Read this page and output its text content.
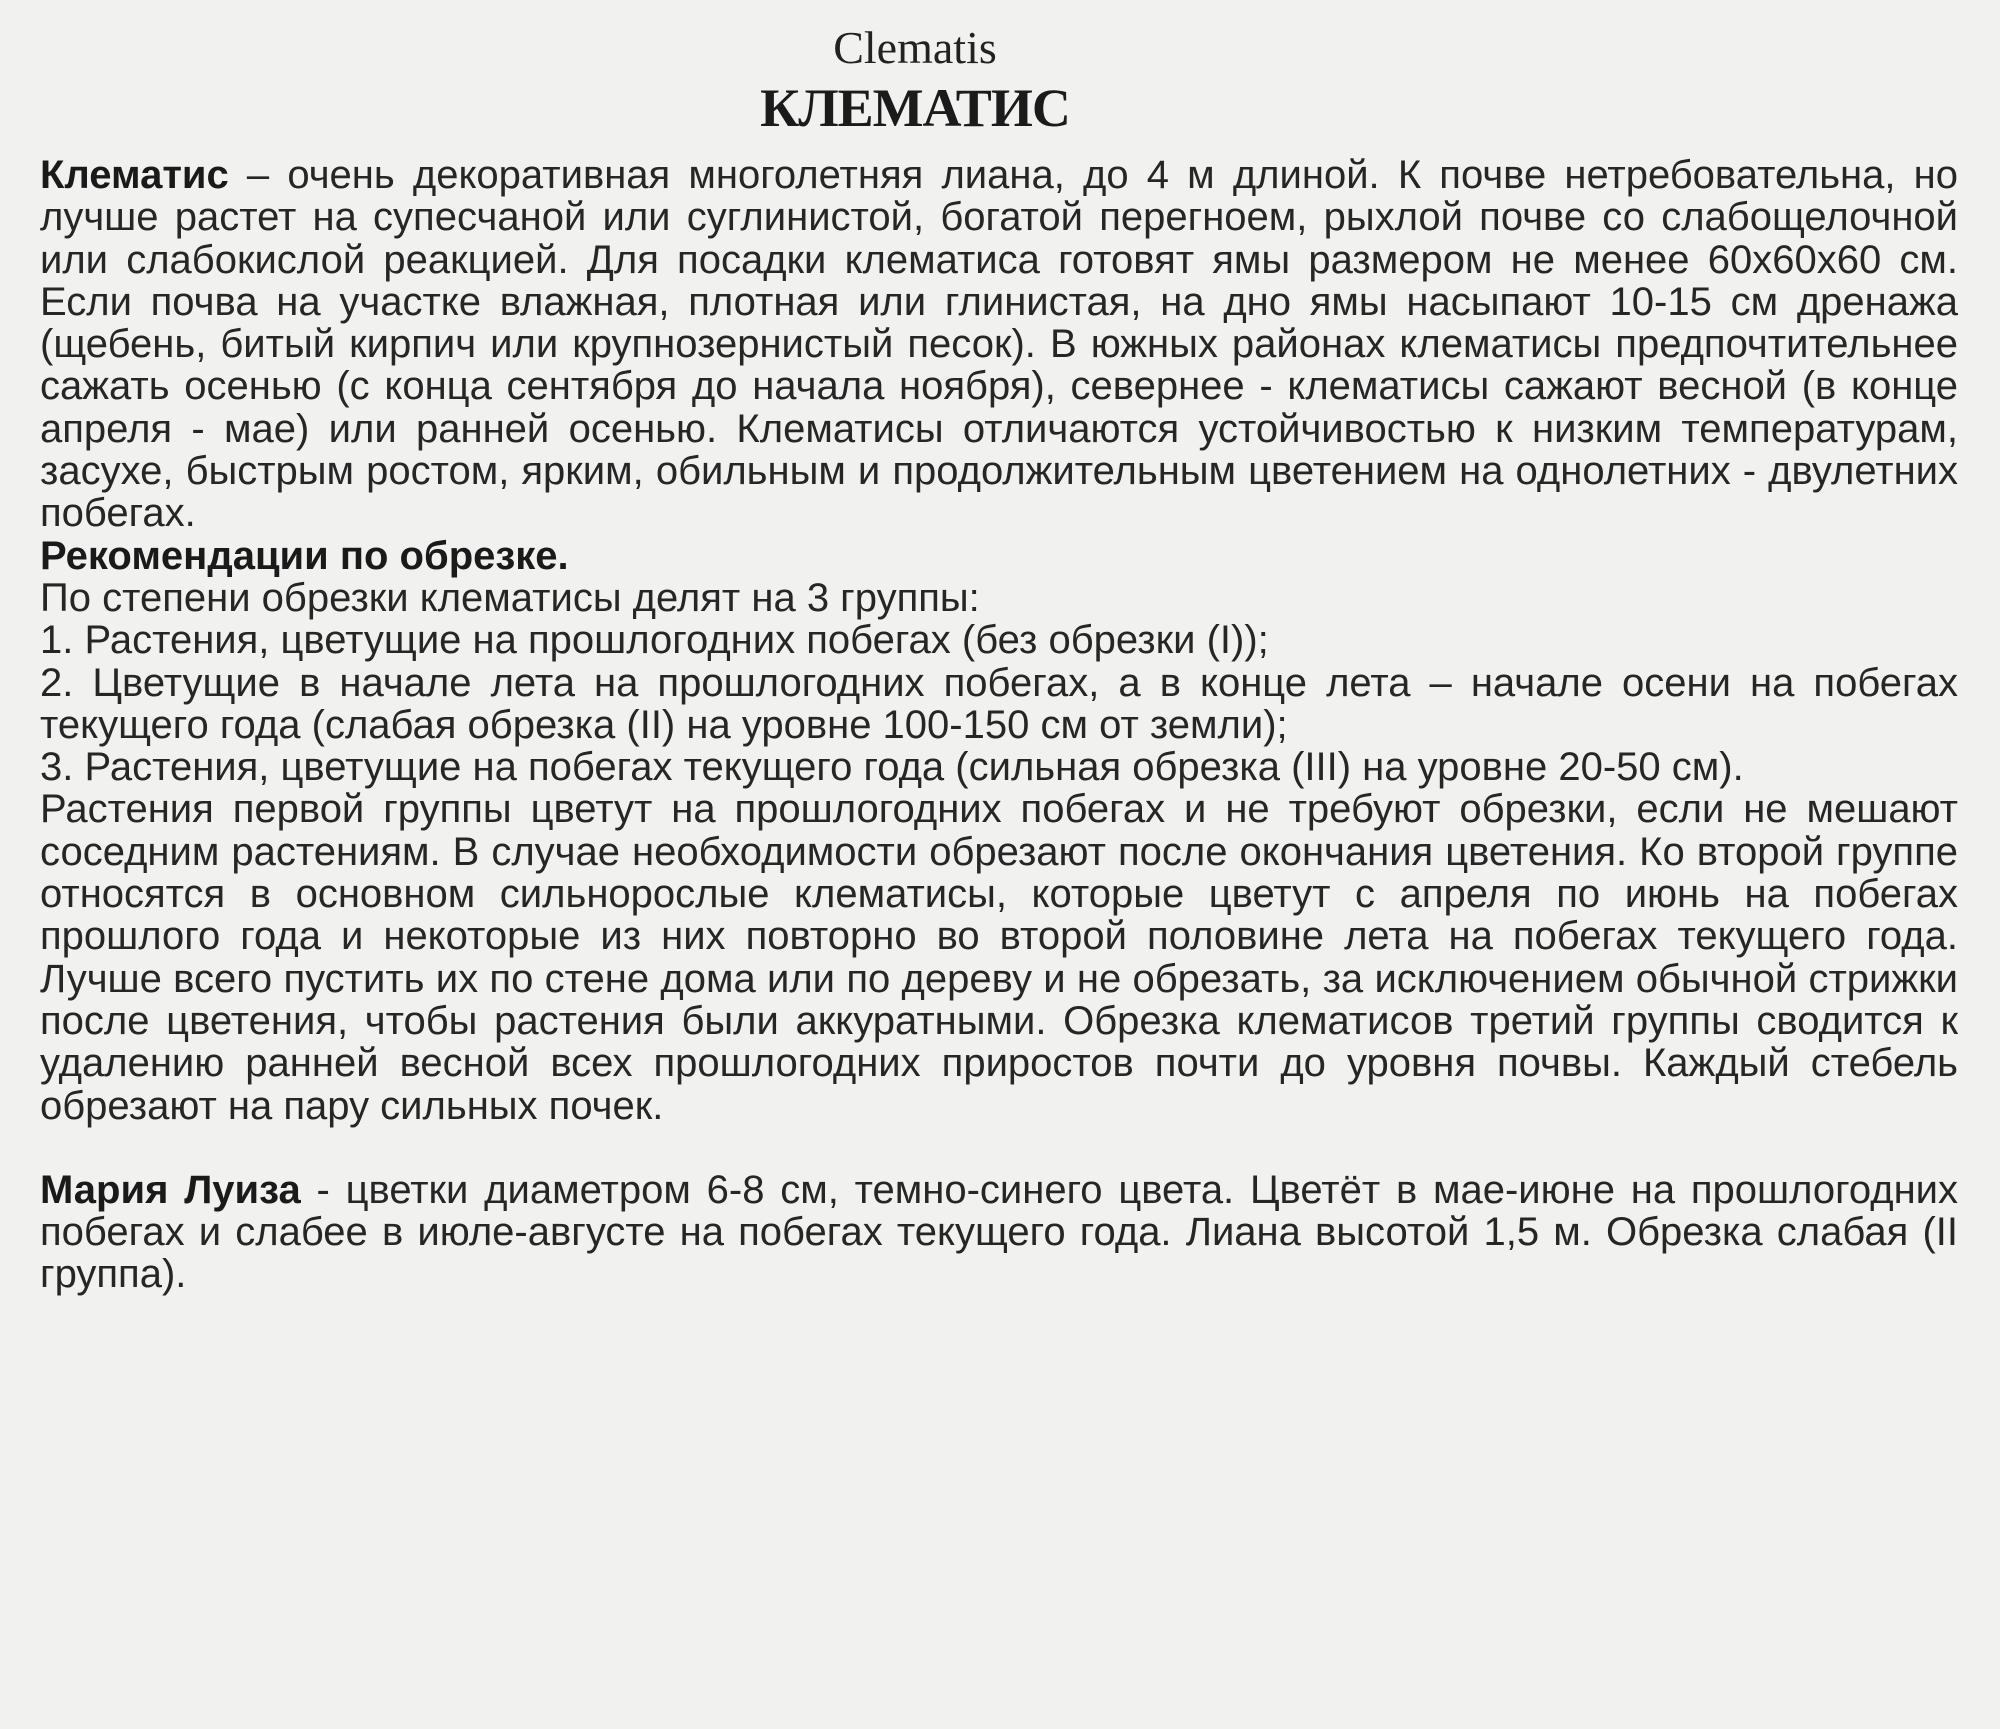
Clematis
КЛЕМАТИС

Клематис – очень декоративная многолетняя лиана, до 4 м длиной. К почве нетребовательна, но лучше растет на супесчаной или суглинистой, богатой перегноем, рыхлой почве со слабощелочной или слабокислой реакцией. Для посадки клематиса готовят ямы размером не менее 60х60х60 см. Если почва на участке влажная, плотная или глинистая, на дно ямы насыпают 10-15 см дренажа (щебень, битый кирпич или крупнозернистый песок). В южных районах клематисы предпочтительнее сажать осенью (с конца сентября до начала ноября), севернее - клематисы сажают весной (в конце апреля - мае) или ранней осенью. Клематисы отличаются устойчивостью к низким температурам, засухе, быстрым ростом, ярким, обильным и продолжительным цветением на однолетних - двулетних побегах.

Рекомендации по обрезке.

По степени обрезки клематисы делят на 3 группы:

1. Растения, цветущие на прошлогодних побегах (без обрезки (I));

2. Цветущие в начале лета на прошлогодних побегах, а в конце лета – начале осени на побегах текущего года (слабая обрезка (II) на уровне 100-150 см от земли);

3. Растения, цветущие на побегах текущего года (сильная обрезка (III) на уровне 20-50 см).

Растения первой группы цветут на прошлогодних побегах и не требуют обрезки, если не мешают соседним растениям. В случае необходимости обрезают после окончания цветения. Ко второй группе относятся в основном сильнорослые клематисы, которые цветут с апреля по июнь на побегах прошлого года и некоторые из них повторно во второй половине лета на побегах текущего года. Лучше всего пустить их по стене дома или по дереву и не обрезать, за исключением обычной стрижки после цветения, чтобы растения были аккуратными. Обрезка клематисов третий группы сводится к удалению ранней весной всех прошлогодних приростов почти до уровня почвы. Каждый стебель обрезают на пару сильных почек.

Мария Луиза - цветки диаметром 6-8 см, темно-синего цвета. Цветёт в мае-июне на прошлогодних побегах и слабее в июле-августе на побегах текущего года. Лиана высотой 1,5 м. Обрезка слабая (II группа).
